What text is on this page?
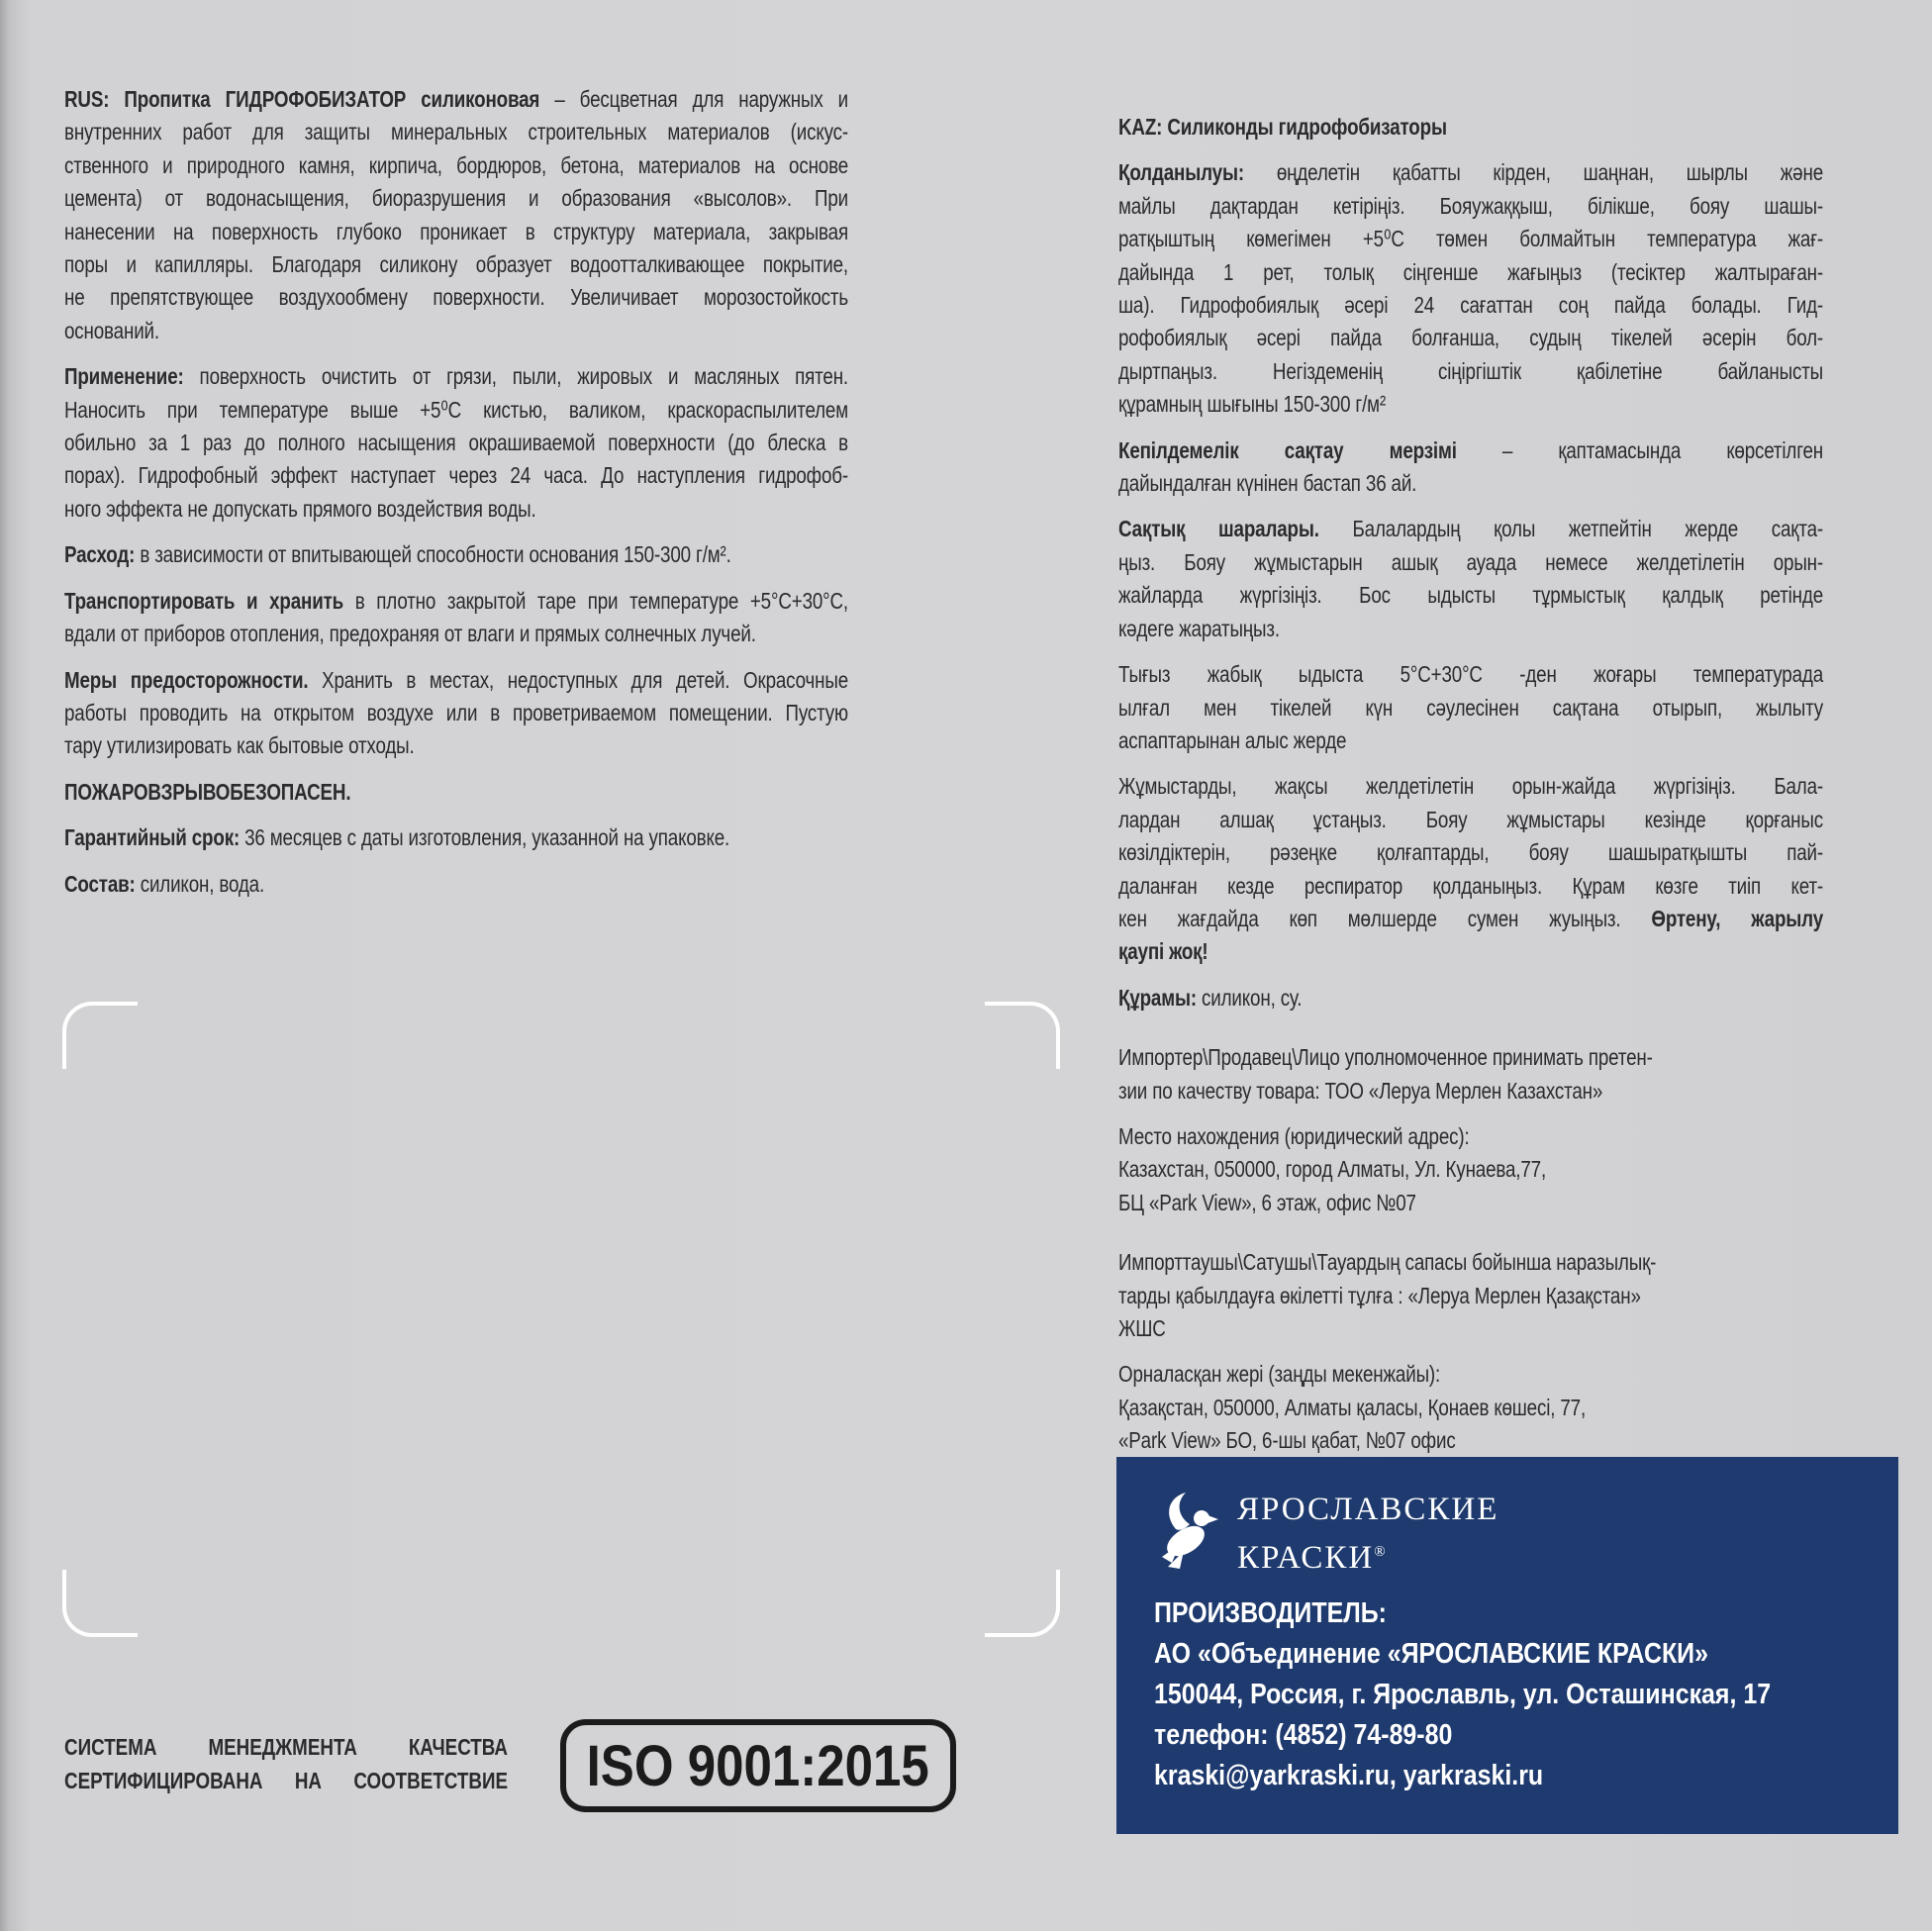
RUS: Пропитка ГИДРОФОБИЗАТОР силиконовая – бесцветная для наружных и
внутренних работ для защиты минеральных строительных материалов (искус-
ственного и природного камня, кирпича, бордюров, бетона, материалов на основе
цемента) от водонасыщения, биоразрушения и образования «высолов». При
нанесении на поверхность глубоко проникает в структуру материала, закрывая
поры и капилляры. Благодаря силикону образует водоотталкивающее покрытие,
не препятствующее воздухообмену поверхности. Увеличивает морозостойкость
оснований.
Применение: поверхность очистить от грязи, пыли, жировых и масляных пятен.
Наносить при температуре выше +5⁰С кистью, валиком, краскораспылителем
обильно за 1 раз до полного насыщения окрашиваемой поверхности (до блеска в
порах). Гидрофобный эффект наступает через 24 часа. До наступления гидрофоб-
ного эффекта не допускать прямого воздействия воды.
Расход: в зависимости от впитывающей способности основания 150-300 г/м².
Транспортировать и хранить в плотно закрытой таре при температуре +5°С+30°С,
вдали от приборов отопления, предохраняя от влаги и прямых солнечных лучей.
Меры предосторожности. Хранить в местах, недоступных для детей. Окрасочные
работы проводить на открытом воздухе или в проветриваемом помещении. Пустую
тару утилизировать как бытовые отходы.
ПОЖАРОВЗРЫВОБЕЗОПАСЕН.
Гарантийный срок: 36 месяцев с даты изготовления, указанной на упаковке.
Состав: силикон, вода.
KAZ: Силиконды гидрофобизаторы
Қолданылуы: өңделетін қабатты кірден, шаңнан, шырлы және
майлы дақтардан кетіріңіз. Бояужаққыш, білікше, бояу шашы-
ратқыштың көмегімен +5⁰С төмен болмайтын температура жағ-
дайында 1 рет, толық сіңгенше жағыңыз (тесіктер жалтыраған-
ша). Гидрофобиялық әсері 24 сағаттан соң пайда болады. Гид-
рофобиялық әсері пайда болғанша, судың тікелей әсерін бол-
дыртпаңыз. Негіздеменің сіңіргіштік қабілетіне байланысты
құрамның шығыны 150-300 г/м²
Кепілдемелік сақтау мерзімі – қаптамасында көрсетілген
дайындалған күнінен бастап 36 ай.
Сақтық шаралары. Балалардың қолы жетпейтін жерде сақта-
ңыз. Бояу жұмыстарын ашық ауада немесе желдетілетін орын-
жайларда жүргізіңіз. Бос ыдысты тұрмыстық қалдық ретінде
кәдеге жаратыңыз.
Тығыз жабық ыдыста 5°С+30°С -ден жоғары температурада
ылғал мен тікелей күн сәулесінен сақтана отырып, жылыту
аспаптарынан алыс жерде
Жұмыстарды, жақсы желдетілетін орын-жайда жүргізіңіз. Бала-
лардан алшақ ұстаңыз. Бояу жұмыстары кезінде қорғаныс
көзілдіктерін, рәзеңке қолғаптарды, бояу шашыратқышты пай-
даланған кезде респиратор қолданыңыз. Құрам көзге тиіп кет-
кен жағдайда көп мөлшерде сумен жуыңыз. Өртену, жарылу
қаупі жоқ!
Құрамы: силикон, су.
Импортер\Продавец\Лицо уполномоченное принимать претен-
зии по качеству товара: ТОО «Леруа Мерлен Казахстан»
Место нахождения (юридический адрес):
Казахстан, 050000, город Алматы, Ул. Кунаева,77,
БЦ «Park View», 6 этаж, офис №07
Импорттаушы\Сатушы\Тауардың сапасы бойынша наразылық-
тарды қабылдауға өкілетті тұлға : «Леруа Мерлен Қазақстан»
ЖШС
Орналасқан жері (заңды мекенжайы):
Қазақстан, 050000, Алматы қаласы, Қонаев көшесі, 77,
«Park View» БО, 6-шы қабат, №07 офис
СИСТЕМА МЕНЕДЖМЕНТА КАЧЕСТВА
СЕРТИФИЦИРОВАНА НА СООТВЕТСТВИЕ ISO 9001:2015
ЯРОСЛАВСКИЕ
КРАСКИ®
ПРОИЗВОДИТЕЛЬ:
АО «Объединение «ЯРОСЛАВСКИЕ КРАСКИ»
150044, Россия, г. Ярославль, ул. Осташинская, 17
телефон: (4852) 74-89-80
kraski@yarkraski.ru, yarkraski.ru
